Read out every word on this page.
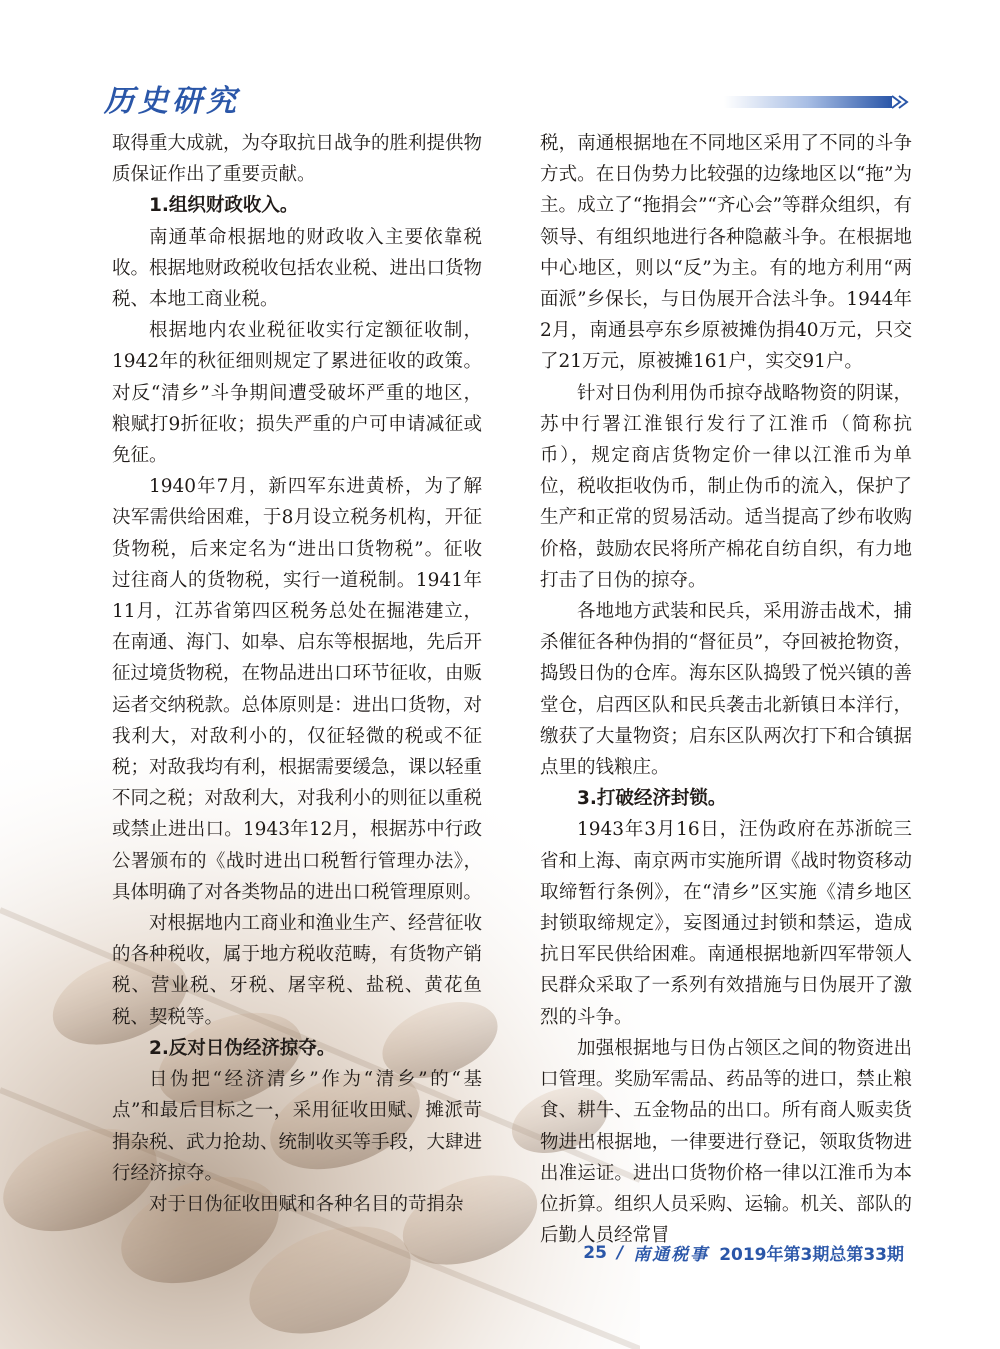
历史研究

取得重大成就，为夺取抗日战争的胜利提供物质保证作出了重要贡献。

1.组织财政收入。

南通革命根据地的财政收入主要依靠税收。根据地财政税收包括农业税、进出口货物税、本地工商业税。

根据地内农业税征收实行定额征收制，1942年的秋征细则规定了累进征收的政策。对反“清乡”斗争期间遭受破坏严重的地区，粮赋打9折征收；损失严重的户可申请减征或免征。

1940年7月，新四军东进黄桥，为了解决军需供给困难，于8月设立税务机构，开征货物税，后来定名为“进出口货物税”。征收过往商人的货物税，实行一道税制。1941年11月，江苏省第四区税务总处在掘港建立，在南通、海门、如皋、启东等根据地，先后开征过境货物税，在物品进出口环节征收，由贩运者交纳税款。总体原则是：进出口货物，对我利大，对敌利小的，仅征轻微的税或不征税；对敌我均有利，根据需要缓急，课以轻重不同之税；对敌利大，对我利小的则征以重税或禁止进出口。1943年12月，根据苏中行政公署颁布的《战时进出口税暂行管理办法》，具体明确了对各类物品的进出口税管理原则。

对根据地内工商业和渔业生产、经营征收的各种税收，属于地方税收范畴，有货物产销税、营业税、牙税、屠宰税、盐税、黄花鱼税、契税等。

2.反对日伪经济掠夺。

日伪把“经济清乡”作为“清乡”的“基点”和最后目标之一，采用征收田赋、摊派苛捐杂税、武力抢劫、统制收买等手段，大肆进行经济掠夺。

对于日伪征收田赋和各种名目的苛捐杂

税，南通根据地在不同地区采用了不同的斗争方式。在日伪势力比较强的边缘地区以“拖”为主。成立了“拖捐会”“齐心会”等群众组织，有领导、有组织地进行各种隐蔽斗争。在根据地中心地区，则以“反”为主。有的地方利用“两面派”乡保长，与日伪展开合法斗争。1944年2月，南通县亭东乡原被摊伪捐40万元，只交了21万元，原被摊161户，实交91户。

针对日伪利用伪币掠夺战略物资的阴谋，苏中行署江淮银行发行了江淮币（简称抗币），规定商店货物定价一律以江淮币为单位，税收拒收伪币，制止伪币的流入，保护了生产和正常的贸易活动。适当提高了纱布收购价格，鼓励农民将所产棉花自纺自织，有力地打击了日伪的掠夺。

各地地方武装和民兵，采用游击战术，捕杀催征各种伪捐的“督征员”，夺回被抢物资，捣毁日伪的仓库。海东区队捣毁了悦兴镇的善堂仓，启西区队和民兵袭击北新镇日本洋行，缴获了大量物资；启东区队两次打下和合镇据点里的钱粮庄。

3.打破经济封锁。

1943年3月16日，汪伪政府在苏浙皖三省和上海、南京两市实施所谓《战时物资移动取缔暂行条例》，在“清乡”区实施《清乡地区封锁取缔规定》，妄图通过封锁和禁运，造成抗日军民供给困难。南通根据地新四军带领人民群众采取了一系列有效措施与日伪展开了激烈的斗争。

加强根据地与日伪占领区之间的物资进出口管理。奖励军需品、药品等的进口，禁止粮食、耕牛、五金物品的出口。所有商人贩卖货物进出根据地，一律要进行登记，领取货物进出准运证。进出口货物价格一律以江淮币为本位折算。组织人员采购、运输。机关、部队的后勤人员经常冒

25 / 南通税事 2019年第3期总第33期
